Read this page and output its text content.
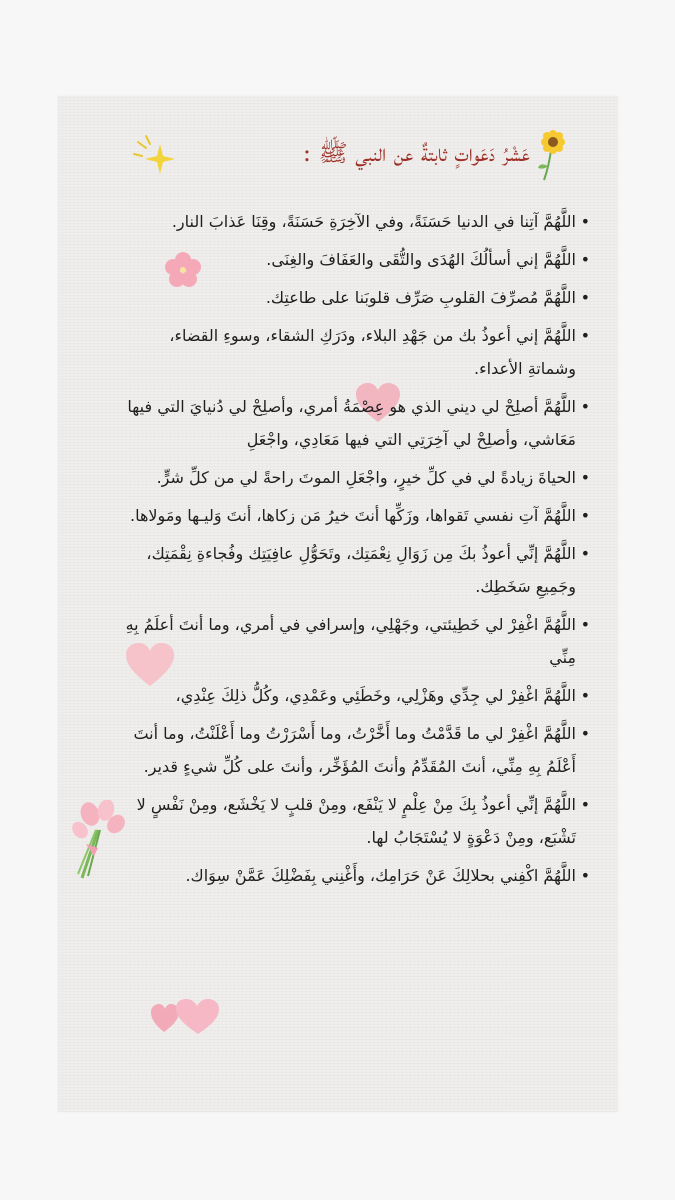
عَشْرُ دَعَواتٍ ثابتةٌ عن النبي ﷺ :
• اللَّهُمَّ آتِنا في الدنيا حَسَنَةً، وفي الآخِرَةِ حَسَنَةً، وقِنَا عَذابَ النار.
• اللَّهُمَّ إني أسألُكَ الهُدَى والتُّقَى والعَفَافَ والغِنَى.
• اللَّهُمَّ مُصرِّفَ القلوبِ صَرِّف قلوبَنا على طاعتِك.
• اللَّهُمَّ إني أعوذُ بك من جَهْدِ البلاء، ودَرَكِ الشقاء، وسوءِ القضاء، وشماتةِ الأعداء.
• اللَّهُمَّ أصلِحْ لي ديني الذي هو عِصْمَةُ أمري، وأصلِحْ لي دُنيايَ التي فيها مَعَاشي، وأصلِحْ لي آخِرَتِي التي فيها مَعَادِي، واجْعَلِ
• الحياةَ زيادةً لي في كلِّ خيرٍ، واجْعَلِ الموتَ راحةً لي من كلِّ شرٍّ.
• اللَّهُمَّ آتِ نفسي تَقواها، وزَكِّها أنتَ خيرُ مَن زكاها، أنتَ وَليـها ومَولاها.
• اللَّهُمَّ إنِّي أعوذُ بكَ مِن زَوَالِ نِعْمَتِك، وتَحَوُّلِ عافِيَتِك وفُجاءةِ نِقْمَتِك، وجَمِيعِ سَخَطِك.
• اللَّهُمَّ اغْفِرْ لي خَطِيئتي، وجَهْلِي، وإسرافي في أمري، وما أنتَ أعلَمُ بِهِ مِنِّي
• اللَّهُمَّ اغْفِرْ لي جِدِّي وهَزْلِي، وخَطَئِي وعَمْدِي، وكُلُّ ذلِكَ عِنْدِي،
• اللَّهُمَّ اغْفِرْ لي ما قَدَّمْتُ وما أَخَّرْتُ، وما أَسْرَرْتُ وما أَعْلَنْتُ، وما أنتَ أَعْلَمُ بِهِ مِنِّي، أنتَ المُقَدِّمُ وأنتَ المُؤَخِّر، وأنتَ على كُلِّ شيءٍ قدير.
• اللَّهُمَّ إنِّي أعوذُ بِكَ مِنْ عِلْمٍ لا يَنْفَع، ومِنْ قلبٍ لا يَخْشَع، ومِنْ نَفْسٍ لا تَشْبَع، ومِنْ دَعْوَةٍ لا يُسْتَجَابُ لها.
• اللَّهُمَّ اكْفِني بحلالِكَ عَنْ حَرَامِك، وأَغْنِني بِفَضْلِكَ عَمَّنْ سِوَاك.
